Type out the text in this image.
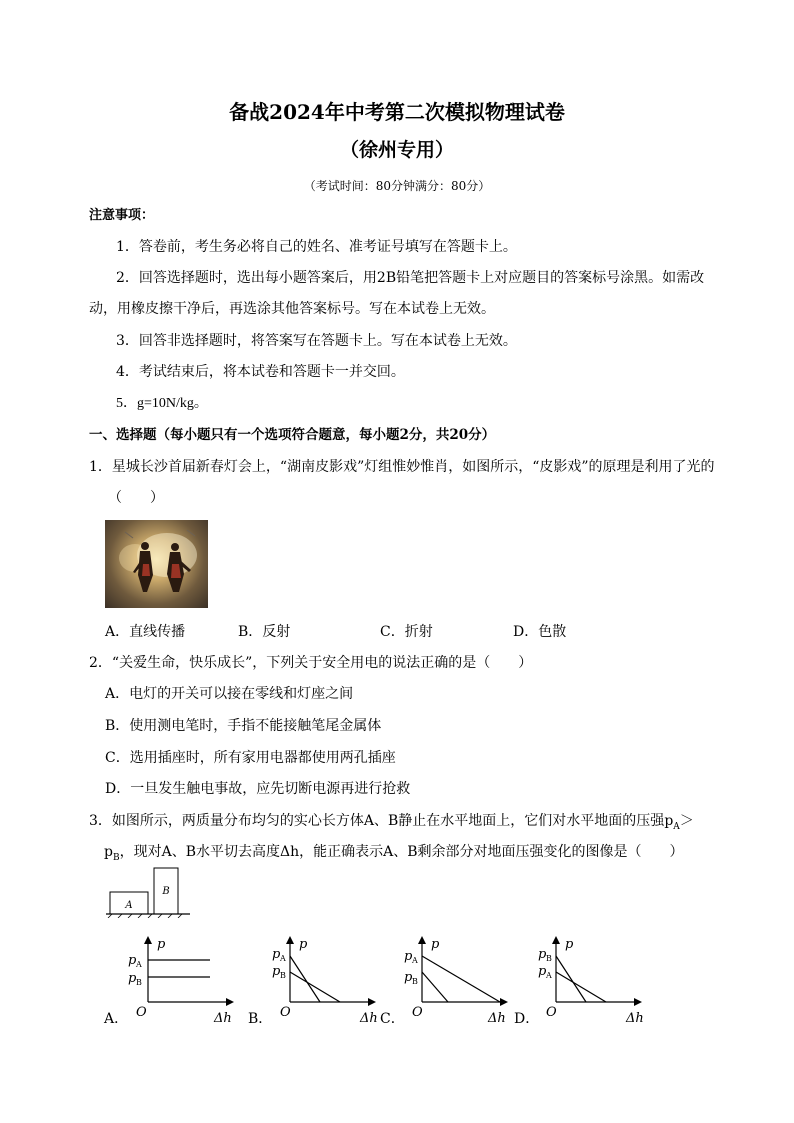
备战2024年中考第二次模拟物理试卷
（徐州专用）
（考试时间：80分钟满分：80分）
注意事项：
1．答卷前，考生务必将自己的姓名、准考证号填写在答题卡上。
2．回答选择题时，选出每小题答案后，用2B铅笔把答题卡上对应题目的答案标号涂黑。如需改
动，用橡皮擦干净后，再选涂其他答案标号。写在本试卷上无效。
3．回答非选择题时，将答案写在答题卡上。写在本试卷上无效。
4．考试结束后，将本试卷和答题卡一并交回。
5．g=10N/kg。
一、选择题（每小题只有一个选项符合题意，每小题2分，共20分）
1．星城长沙首届新春灯会上，“湖南皮影戏”灯组惟妙惟肖，如图所示，“皮影戏”的原理是利用了光的
（　　）
A．直线传播	B．反射	C．折射	D．色散
2．“关爱生命，快乐成长”，下列关于安全用电的说法正确的是（　　）
A．电灯的开关可以接在零线和灯座之间
B．使用测电笔时，手指不能接触笔尾金属体
C．选用插座时，所有家用电器都使用两孔插座
D．一旦发生触电事故，应先切断电源再进行抢救
3．如图所示，两质量分布均匀的实心长方体A、B静止在水平地面上，它们对水平地面的压强$p_A>$
$p_B$，现对A、B水平切去高度Δh，能正确表示A、B剩余部分对地面压强变化的图像是（　　）
A
B
A．	B．	C．	D．
p
p A
p B
O	Δh
p
p A
p B
O	Δh
p
p A
p B
O	Δh
p
p B
p A
O	Δh
